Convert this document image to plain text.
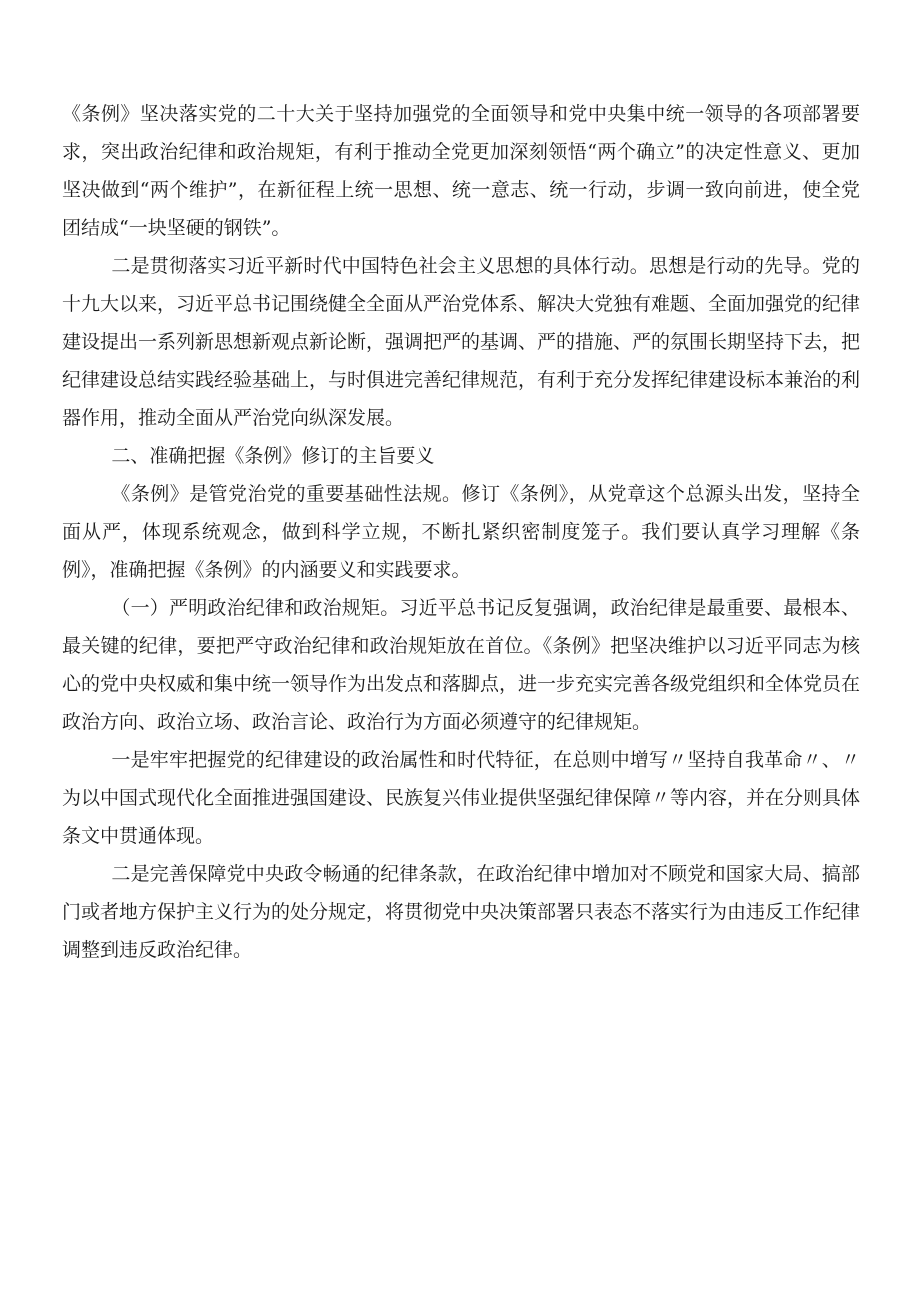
《条例》坚决落实党的二十大关于坚持加强党的全面领导和党中央集中统一领导的各项部署要求，突出政治纪律和政治规矩，有利于推动全党更加深刻领悟“两个确立”的决定性意义、更加坚决做到“两个维护”，在新征程上统一思想、统一意志、统一行动，步调一致向前进，使全党团结成“一块坚硬的钢铁”。

二是贯彻落实习近平新时代中国特色社会主义思想的具体行动。思想是行动的先导。党的十九大以来，习近平总书记围绕健全全面从严治党体系、解决大党独有难题、全面加强党的纪律建设提出一系列新思想新观点新论断，强调把严的基调、严的措施、严的氛围长期坚持下去，把纪律建设总结实践经验基础上，与时俱进完善纪律规范，有利于充分发挥纪律建设标本兼治的利器作用，推动全面从严治党向纵深发展。

二、准确把握《条例》修订的主旨要义

《条例》是管党治党的重要基础性法规。修订《条例》，从党章这个总源头出发，坚持全面从严，体现系统观念，做到科学立规，不断扎紧织密制度笼子。我们要认真学习理解《条例》，准确把握《条例》的内涵要义和实践要求。

（一）严明政治纪律和政治规矩。习近平总书记反复强调，政治纪律是最重要、最根本、最关键的纪律，要把严守政治纪律和政治规矩放在首位。《条例》把坚决维护以习近平同志为核心的党中央权威和集中统一领导作为出发点和落脚点，进一步充实完善各级党组织和全体党员在政治方向、政治立场、政治言论、政治行为方面必须遵守的纪律规矩。

一是牢牢把握党的纪律建设的政治属性和时代特征，在总则中增写〃坚持自我革命〃、〃为以中国式现代化全面推进强国建设、民族复兴伟业提供坚强纪律保障〃等内容，并在分则具体条文中贯通体现。

二是完善保障党中央政令畅通的纪律条款，在政治纪律中增加对不顾党和国家大局、搞部门或者地方保护主义行为的处分规定，将贯彻党中央决策部署只表态不落实行为由违反工作纪律调整到违反政治纪律。
